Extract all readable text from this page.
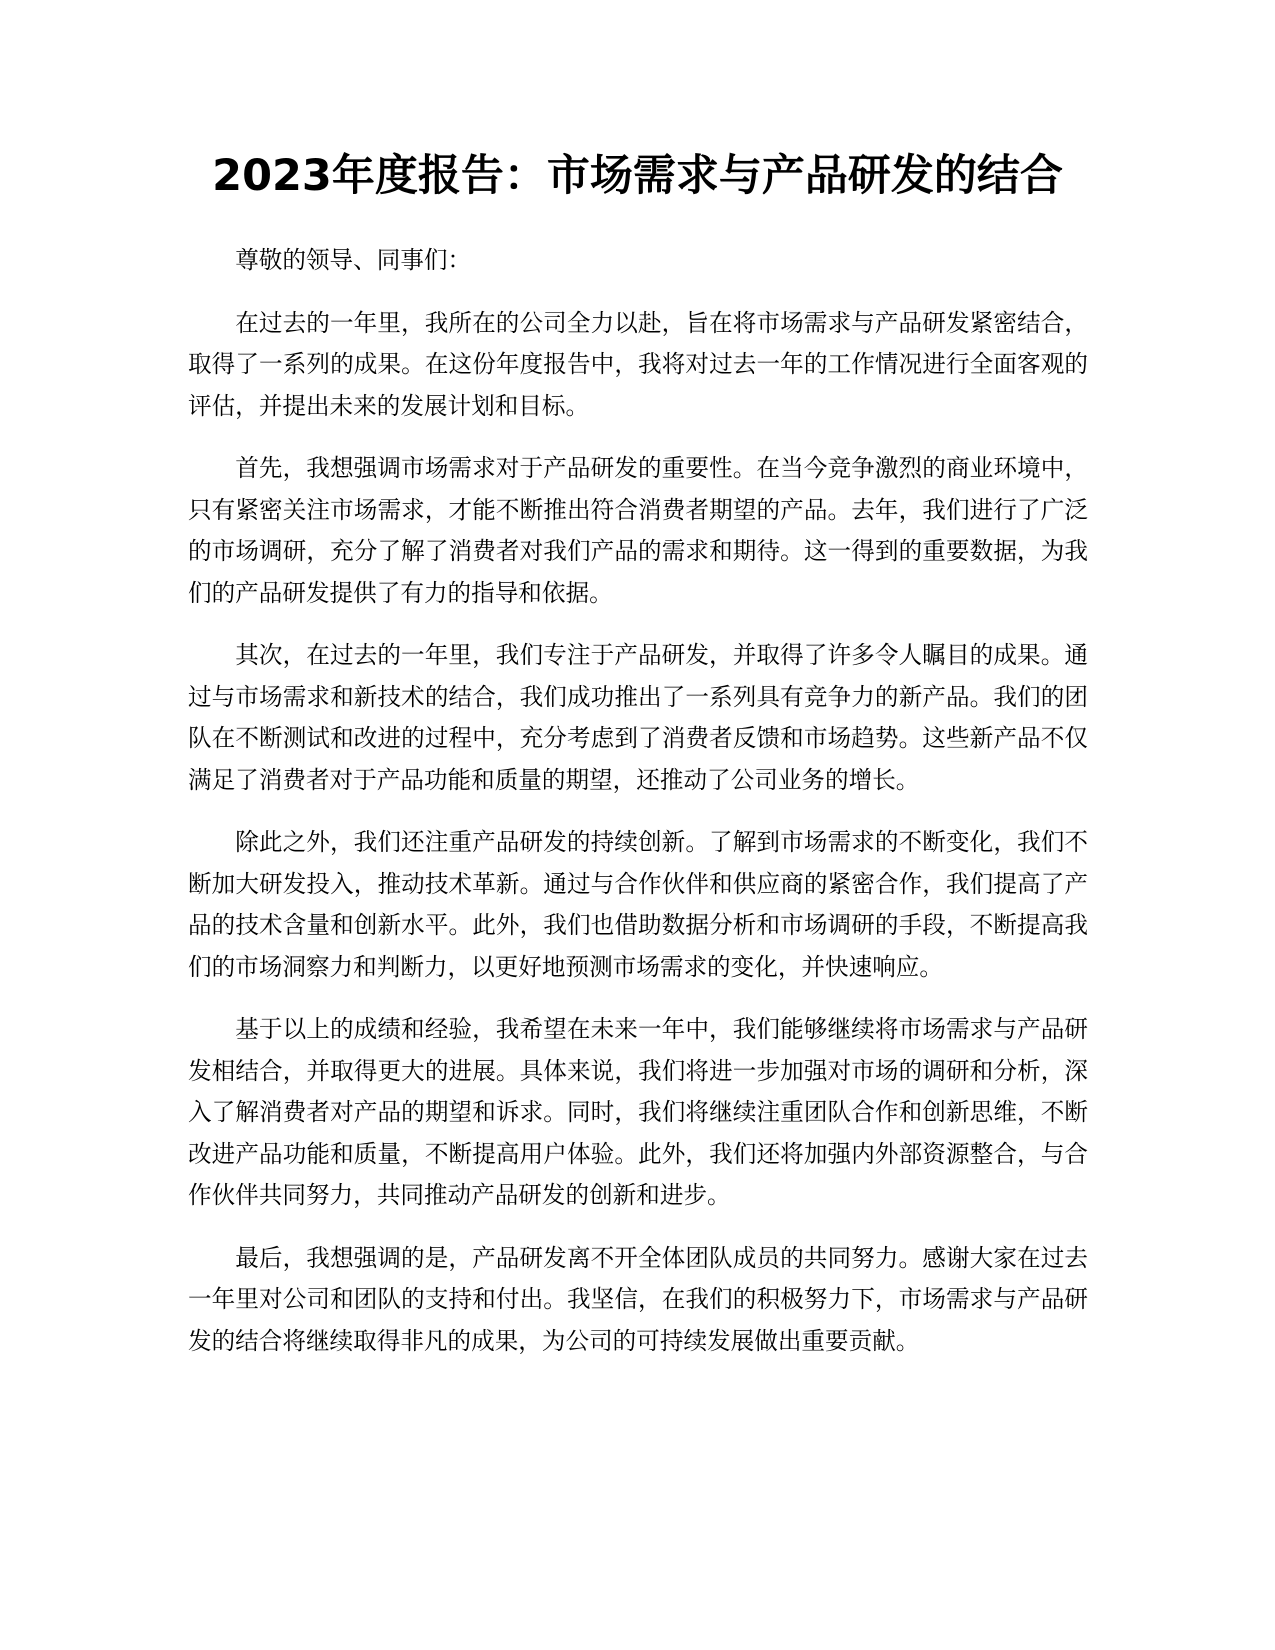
2023年度报告：市场需求与产品研发的结合

尊敬的领导、同事们：

在过去的一年里，我所在的公司全力以赴，旨在将市场需求与产品研发紧密结合，取得了一系列的成果。在这份年度报告中，我将对过去一年的工作情况进行全面客观的评估，并提出未来的发展计划和目标。

首先，我想强调市场需求对于产品研发的重要性。在当今竞争激烈的商业环境中，只有紧密关注市场需求，才能不断推出符合消费者期望的产品。去年，我们进行了广泛的市场调研，充分了解了消费者对我们产品的需求和期待。这一得到的重要数据，为我们的产品研发提供了有力的指导和依据。

其次，在过去的一年里，我们专注于产品研发，并取得了许多令人瞩目的成果。通过与市场需求和新技术的结合，我们成功推出了一系列具有竞争力的新产品。我们的团队在不断测试和改进的过程中，充分考虑到了消费者反馈和市场趋势。这些新产品不仅满足了消费者对于产品功能和质量的期望，还推动了公司业务的增长。

除此之外，我们还注重产品研发的持续创新。了解到市场需求的不断变化，我们不断加大研发投入，推动技术革新。通过与合作伙伴和供应商的紧密合作，我们提高了产品的技术含量和创新水平。此外，我们也借助数据分析和市场调研的手段，不断提高我们的市场洞察力和判断力，以更好地预测市场需求的变化，并快速响应。

基于以上的成绩和经验，我希望在未来一年中，我们能够继续将市场需求与产品研发相结合，并取得更大的进展。具体来说，我们将进一步加强对市场的调研和分析，深入了解消费者对产品的期望和诉求。同时，我们将继续注重团队合作和创新思维，不断改进产品功能和质量，不断提高用户体验。此外，我们还将加强内外部资源整合，与合作伙伴共同努力，共同推动产品研发的创新和进步。

最后，我想强调的是，产品研发离不开全体团队成员的共同努力。感谢大家在过去一年里对公司和团队的支持和付出。我坚信，在我们的积极努力下，市场需求与产品研发的结合将继续取得非凡的成果，为公司的可持续发展做出重要贡献。
